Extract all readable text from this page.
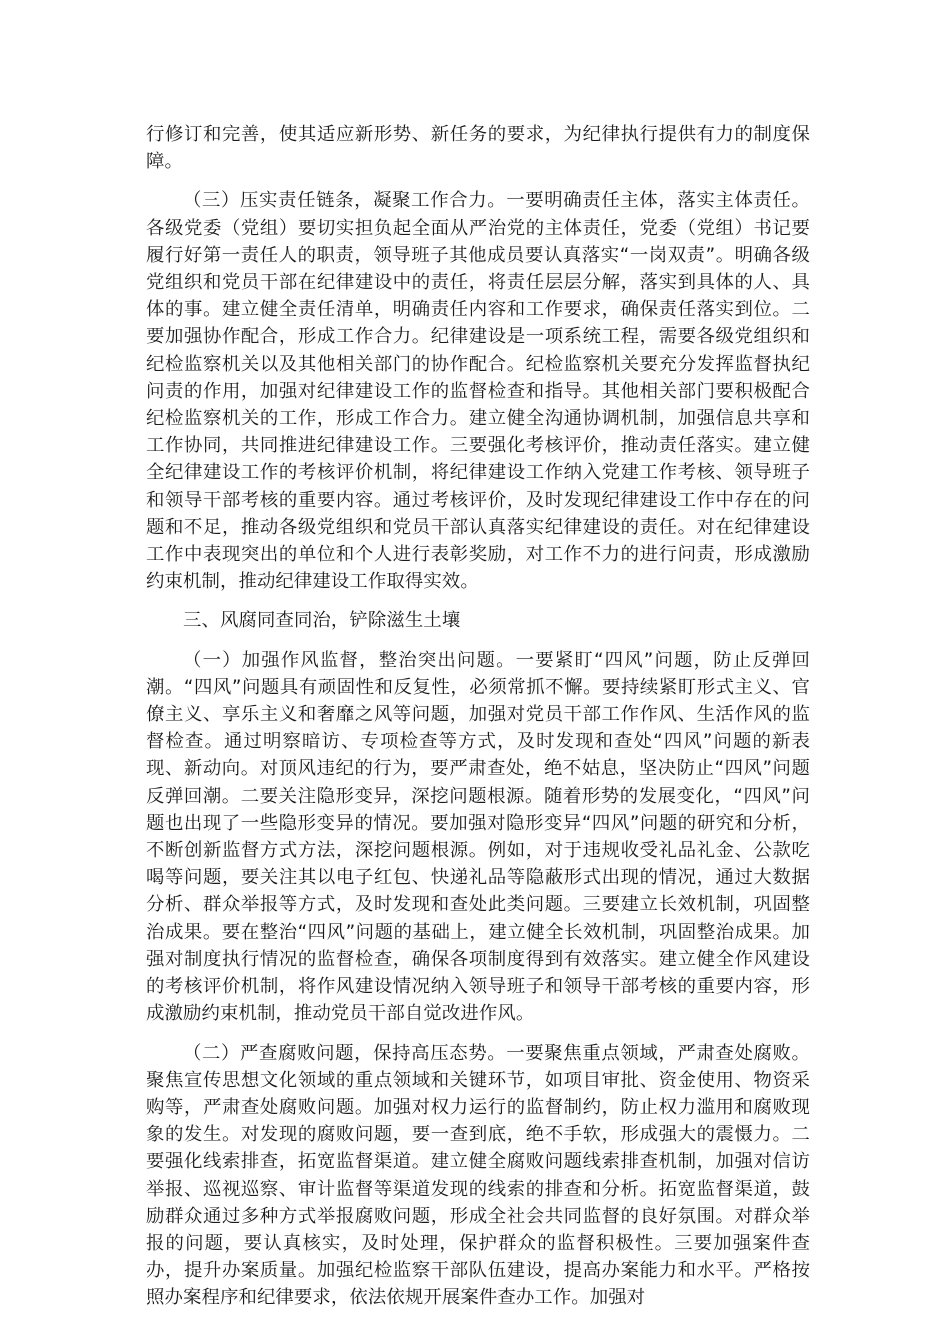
行修订和完善，使其适应新形势、新任务的要求，为纪律执行提供有力的制度保障。

（三）压实责任链条，凝聚工作合力。一要明确责任主体，落实主体责任。各级党委（党组）要切实担负起全面从严治党的主体责任，党委（党组）书记要履行好第一责任人的职责，领导班子其他成员要认真落实“一岗双责”。明确各级党组织和党员干部在纪律建设中的责任，将责任层层分解，落实到具体的人、具体的事。建立健全责任清单，明确责任内容和工作要求，确保责任落实到位。二要加强协作配合，形成工作合力。纪律建设是一项系统工程，需要各级党组织和纪检监察机关以及其他相关部门的协作配合。纪检监察机关要充分发挥监督执纪问责的作用，加强对纪律建设工作的监督检查和指导。其他相关部门要积极配合纪检监察机关的工作，形成工作合力。建立健全沟通协调机制，加强信息共享和工作协同，共同推进纪律建设工作。三要强化考核评价，推动责任落实。建立健全纪律建设工作的考核评价机制，将纪律建设工作纳入党建工作考核、领导班子和领导干部考核的重要内容。通过考核评价，及时发现纪律建设工作中存在的问题和不足，推动各级党组织和党员干部认真落实纪律建设的责任。对在纪律建设工作中表现突出的单位和个人进行表彰奖励，对工作不力的进行问责，形成激励约束机制，推动纪律建设工作取得实效。

三、风腐同查同治，铲除滋生土壤

（一）加强作风监督，整治突出问题。一要紧盯“四风”问题，防止反弹回潮。“四风”问题具有顽固性和反复性，必须常抓不懈。要持续紧盯形式主义、官僚主义、享乐主义和奢靡之风等问题，加强对党员干部工作作风、生活作风的监督检查。通过明察暗访、专项检查等方式，及时发现和查处“四风”问题的新表现、新动向。对顶风违纪的行为，要严肃查处，绝不姑息，坚决防止“四风”问题反弹回潮。二要关注隐形变异，深挖问题根源。随着形势的发展变化，“四风”问题也出现了一些隐形变异的情况。要加强对隐形变异“四风”问题的研究和分析，不断创新监督方式方法，深挖问题根源。例如，对于违规收受礼品礼金、公款吃喝等问题，要关注其以电子红包、快递礼品等隐蔽形式出现的情况，通过大数据分析、群众举报等方式，及时发现和查处此类问题。三要建立长效机制，巩固整治成果。要在整治“四风”问题的基础上，建立健全长效机制，巩固整治成果。加强对制度执行情况的监督检查，确保各项制度得到有效落实。建立健全作风建设的考核评价机制，将作风建设情况纳入领导班子和领导干部考核的重要内容，形成激励约束机制，推动党员干部自觉改进作风。

（二）严查腐败问题，保持高压态势。一要聚焦重点领域，严肃查处腐败。聚焦宣传思想文化领域的重点领域和关键环节，如项目审批、资金使用、物资采购等，严肃查处腐败问题。加强对权力运行的监督制约，防止权力滥用和腐败现象的发生。对发现的腐败问题，要一查到底，绝不手软，形成强大的震慑力。二要强化线索排查，拓宽监督渠道。建立健全腐败问题线索排查机制，加强对信访举报、巡视巡察、审计监督等渠道发现的线索的排查和分析。拓宽监督渠道，鼓励群众通过多种方式举报腐败问题，形成全社会共同监督的良好氛围。对群众举报的问题，要认真核实，及时处理，保护群众的监督积极性。三要加强案件查办，提升办案质量。加强纪检监察干部队伍建设，提高办案能力和水平。严格按照办案程序和纪律要求，依法依规开展案件查办工作。加强对
